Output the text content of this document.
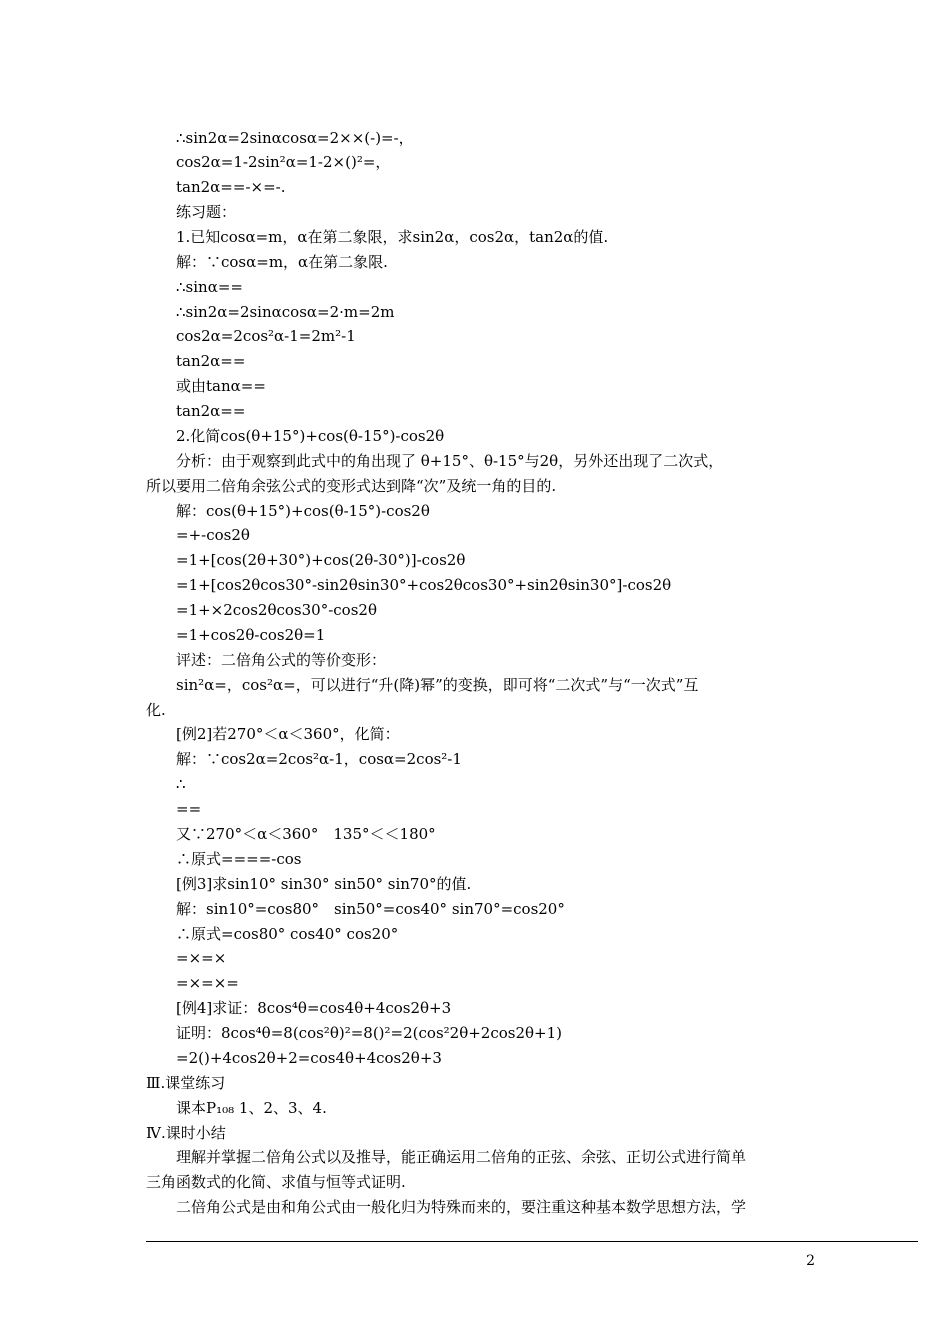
∴sin2α=2sinαcosα=2××(-)=-，
cos2α=1-2sin²α=1-2×()²=，
tan2α==-×=-.
练习题：
1.已知cosα=m，α在第二象限，求sin2α，cos2α，tan2α的值.
解：∵cosα=m，α在第二象限.
∴sinα==
∴sin2α=2sinαcosα=2·m=2m
cos2α=2cos²α-1=2m²-1
tan2α==
或由tanα==
tan2α==
2.化简cos(θ+15°)+cos(θ-15°)-cos2θ
分析：由于观察到此式中的角出现了 θ+15°、θ-15°与2θ，另外还出现了二次式，
所以要用二倍角余弦公式的变形式达到降“次”及统一角的目的.
解：cos(θ+15°)+cos(θ-15°)-cos2θ
=+-cos2θ
=1+[cos(2θ+30°)+cos(2θ-30°)]-cos2θ
=1+[cos2θcos30°-sin2θsin30°+cos2θcos30°+sin2θsin30°]-cos2θ
=1+×2cos2θcos30°-cos2θ
=1+cos2θ-cos2θ=1
评述：二倍角公式的等价变形：
sin²α=，cos²α=，可以进行“升(降)幂”的变换，即可将“二次式”与“一次式”互
化.
[例2]若270°＜α＜360°，化简：
解：∵cos2α=2cos²α-1，cosα=2cos²-1
∴
==
又∵270°＜α＜360°　135°＜＜180°
∴原式====-cos
[例3]求sin10° sin30° sin50° sin70°的值.
解：sin10°=cos80°　sin50°=cos40° sin70°=cos20°
∴原式=cos80° cos40° cos20°
=×=×
=×=×=
[例4]求证：8cos⁴θ=cos4θ+4cos2θ+3
证明：8cos⁴θ=8(cos²θ)²=8()²=2(cos²2θ+2cos2θ+1)
=2()+4cos2θ+2=cos4θ+4cos2θ+3
Ⅲ.课堂练习
课本P₁₀₈ 1、2、3、4.
Ⅳ.课时小结
理解并掌握二倍角公式以及推导，能正确运用二倍角的正弦、余弦、正切公式进行简单
三角函数式的化简、求值与恒等式证明.
二倍角公式是由和角公式由一般化归为特殊而来的，要注重这种基本数学思想方法，学
2
